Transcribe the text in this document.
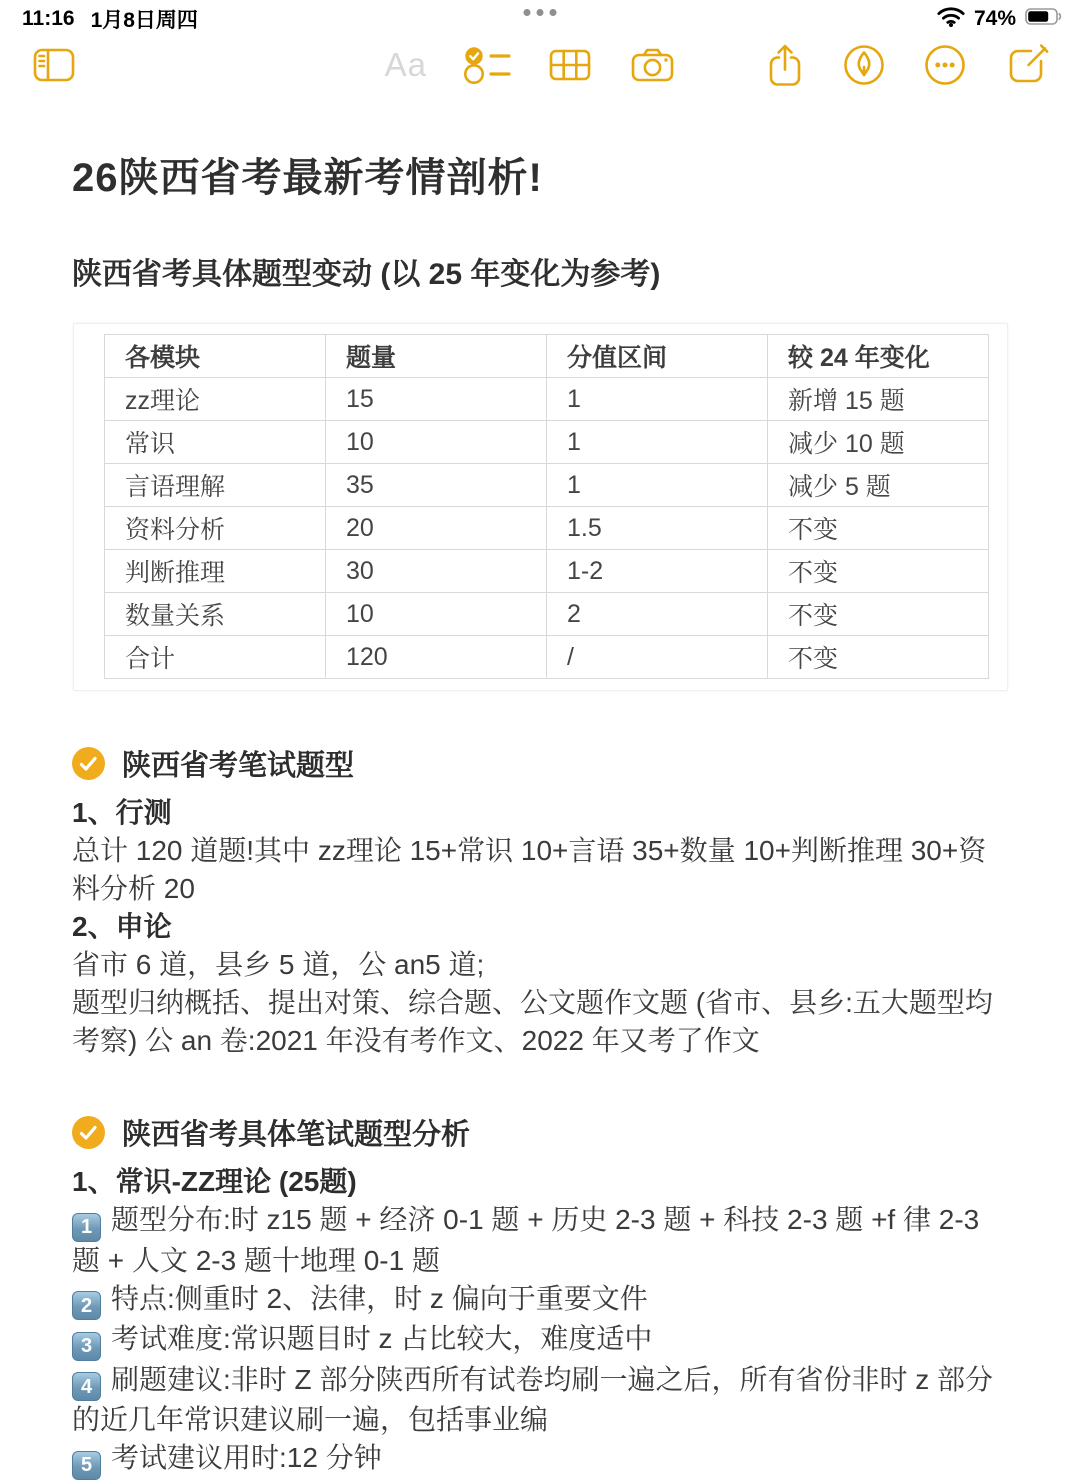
11:16 1月8日周四	74%
Aa
26陕西省考最新考情剖析!
陕西省考具体题型变动 (以 25 年变化为参考)
各模块	题量	分值区间	较 24 年变化
zz理论	15	1	新增 15 题
常识	10	1	减少 10 题
言语理解	35	1	减少 5 题
资料分析	20	1.5	不变
判断推理	30	1-2	不变
数量关系	10	2	不变
合计	120	/	不变
陕西省考笔试题型
1、行测
总计 120 道题!其中 zz理论 15+常识 10+言语 35+数量 10+判断推理 30+资料分析 20
2、申论
省市 6 道，县乡 5 道，公 an5 道;
题型归纳概括、提出对策、综合题、公文题作文题 (省市、县乡:五大题型均考察) 公 an 卷:2021 年没有考作文、2022 年又考了作文
陕西省考具体笔试题型分析
1、常识-ZZ理论 (25题)
1 题型分布:时 z15 题 + 经济 0-1 题 + 历史 2-3 题 + 科技 2-3 题 +f 律 2-3 题 + 人文 2-3 题十地理 0-1 题
2 特点:侧重时 2、法律，时 z 偏向于重要文件
3 考试难度:常识题目时 z 占比较大，难度适中
4 刷题建议:非时 Z 部分陕西所有试卷均刷一遍之后，所有省份非时 z 部分的近几年常识建议刷一遍，包括事业编
5 考试建议用时:12 分钟
